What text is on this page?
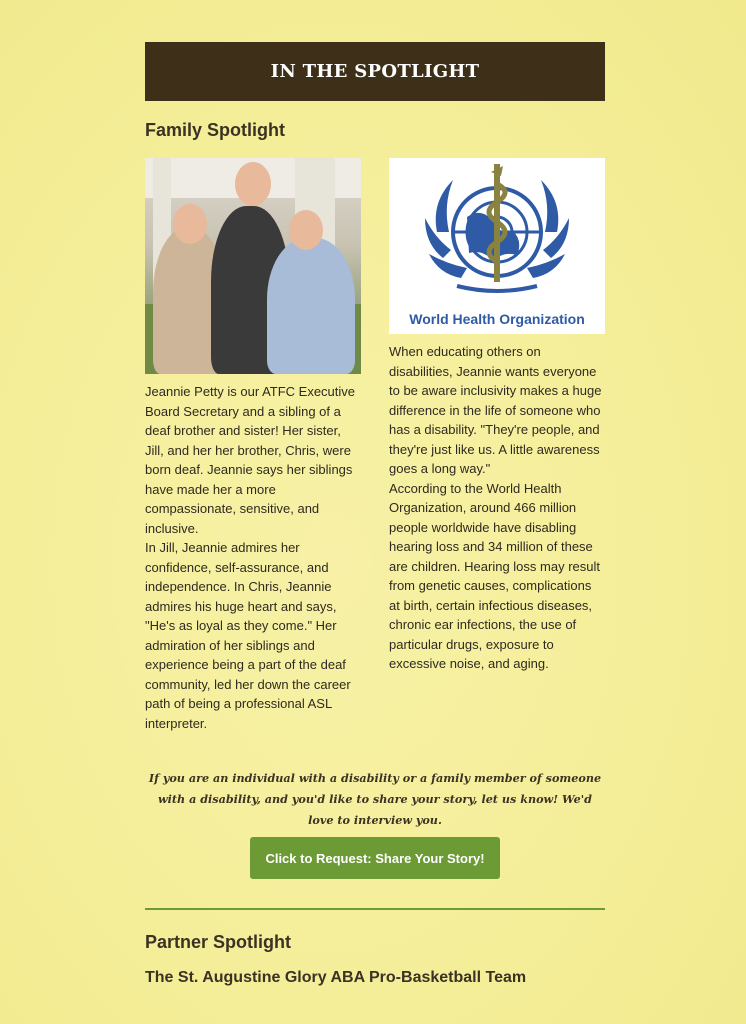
IN THE SPOTLIGHT
Family Spotlight

Jeannie Petty is our ATFC Executive Board Secretary and a sibling of a deaf brother and sister! Her sister, Jill, and her her brother, Chris, were born deaf. Jeannie says her siblings have made her a more compassionate, sensitive, and inclusive.

In Jill, Jeannie admires her confidence, self-assurance, and independence. In Chris, Jeannie admires his huge heart and says, "He's as loyal as they come." Her admiration of her siblings and experience being a part of the deaf community, led her down the career path of being a professional ASL interpreter.

World Health Organization

When educating others on disabilities, Jeannie wants everyone to be aware inclusivity makes a huge difference in the life of someone who has a disability. "They're people, and they're just like us. A little awareness goes a long way."

According to the World Health Organization, around 466 million people worldwide have disabling hearing loss and 34 million of these are children. Hearing loss may result from genetic causes, complications at birth, certain infectious diseases, chronic ear infections, the use of particular drugs, exposure to excessive noise, and aging.

If you are an individual with a disability or a family member of someone with a disability, and you'd like to share your story, let us know! We'd love to interview you.
Click to Request: Share Your Story!
Partner Spotlight
The St. Augustine Glory ABA Pro-Basketball Team
